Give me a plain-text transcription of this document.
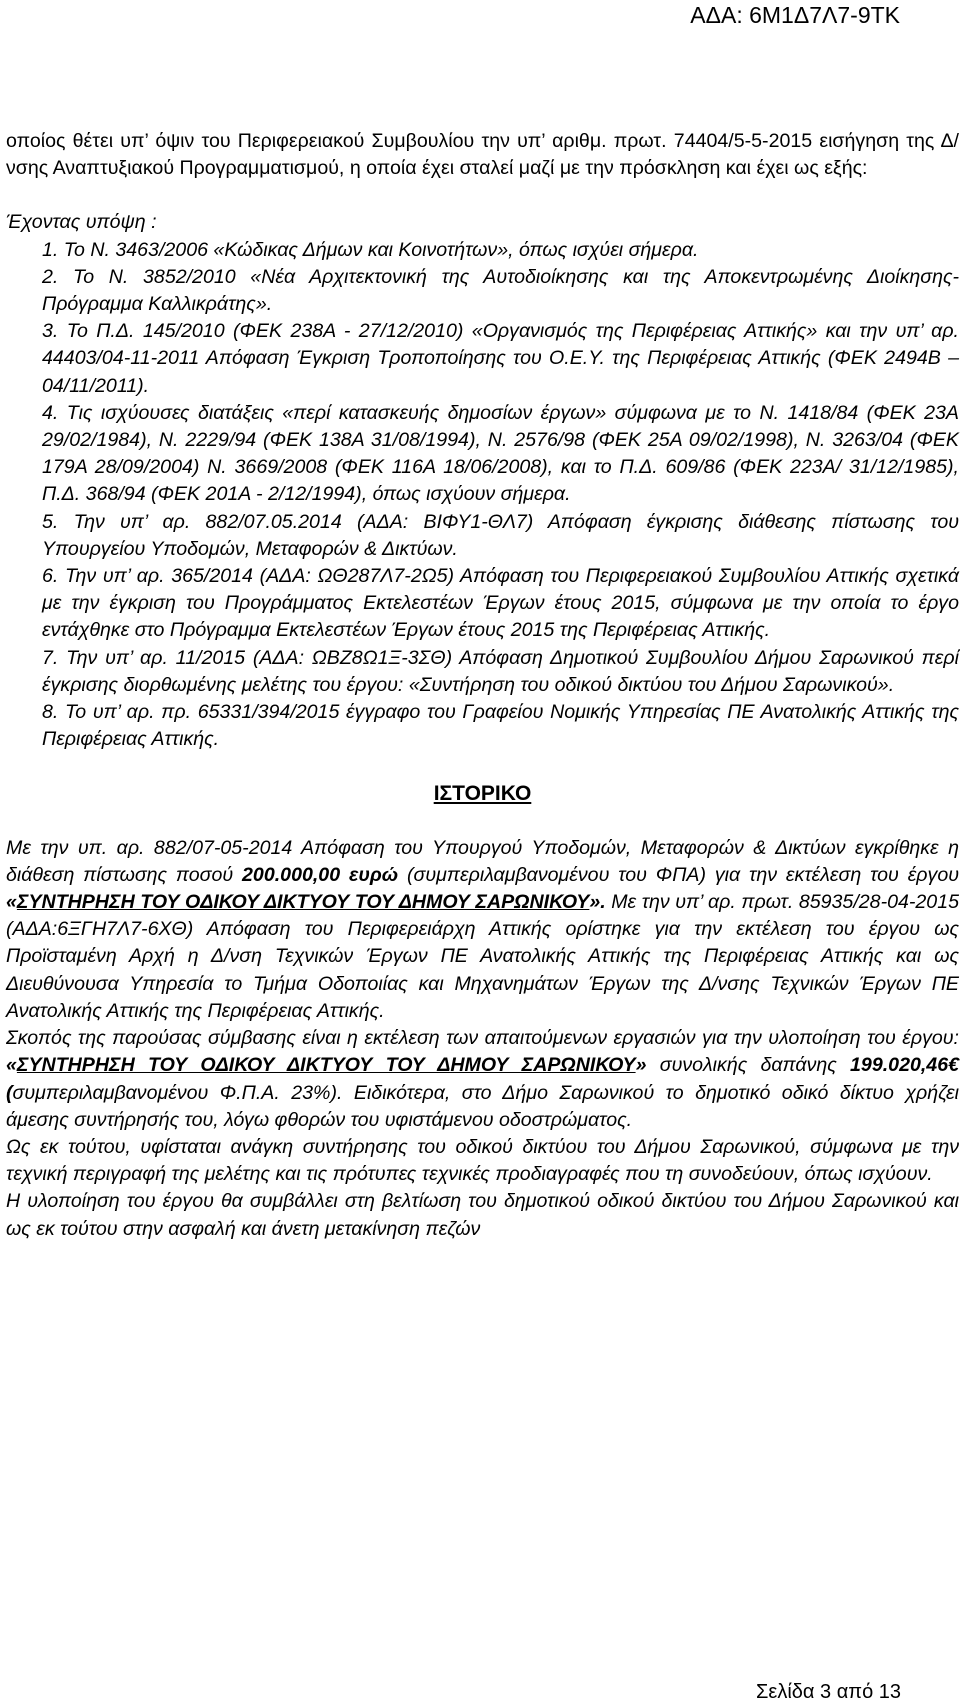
ΑΔΑ: 6Μ1Δ7Λ7-9ΤΚ

οποίος θέτει υπ’ όψιν του Περιφερειακού Συμβουλίου την υπ’ αριθμ. πρωτ. 74404/5-5-2015 εισήγηση της Δ/νσης Αναπτυξιακού Προγραμματισμού, η οποία έχει σταλεί μαζί με την πρόσκληση και έχει ως εξής:

Έχοντας υπόψη :

1. Το Ν. 3463/2006 «Κώδικας Δήμων και Κοινοτήτων», όπως ισχύει σήμερα.

2. Το Ν. 3852/2010 «Νέα Αρχιτεκτονική της Αυτοδιοίκησης και της Αποκεντρωμένης Διοίκησης- Πρόγραμμα Καλλικράτης».

3. Το Π.Δ. 145/2010 (ΦΕΚ 238Α - 27/12/2010) «Οργανισμός της Περιφέρειας Αττικής» και την υπ’ αρ. 44403/04-11-2011 Απόφαση Έγκριση Τροποποίησης του Ο.Ε.Υ. της Περιφέρειας Αττικής (ΦΕΚ 2494Β – 04/11/2011).

4. Τις ισχύουσες διατάξεις «περί κατασκευής δημοσίων έργων» σύμφωνα με το Ν. 1418/84 (ΦΕΚ 23Α 29/02/1984), Ν. 2229/94 (ΦΕΚ 138Α 31/08/1994), Ν. 2576/98 (ΦΕΚ 25Α 09/02/1998), Ν. 3263/04 (ΦΕΚ 179Α 28/09/2004) Ν. 3669/2008 (ΦΕΚ 116Α 18/06/2008), και το Π.Δ. 609/86 (ΦΕΚ 223Α/ 31/12/1985), Π.Δ. 368/94 (ΦΕΚ 201Α - 2/12/1994), όπως ισχύουν σήμερα.

5. Την υπ’ αρ. 882/07.05.2014 (ΑΔΑ: ΒΙΦΥ1-ΘΛ7) Απόφαση έγκρισης διάθεσης πίστωσης του Υπουργείου Υποδομών, Μεταφορών & Δικτύων.

6. Την υπ’ αρ. 365/2014 (ΑΔΑ: ΩΘ287Λ7-2Ω5) Απόφαση του Περιφερειακού Συμβουλίου Αττικής σχετικά με την έγκριση του Προγράμματος Εκτελεστέων Έργων έτους 2015, σύμφωνα με την οποία το έργο εντάχθηκε στο Πρόγραμμα Εκτελεστέων Έργων έτους 2015 της Περιφέρειας Αττικής.

7. Την υπ’ αρ. 11/2015 (ΑΔΑ: ΩΒΖ8Ω1Ξ-3ΣΘ) Απόφαση Δημοτικού Συμβουλίου Δήμου Σαρωνικού περί έγκρισης διορθωμένης μελέτης του έργου: «Συντήρηση του οδικού δικτύου του Δήμου Σαρωνικού».

8. Το υπ’ αρ. πρ. 65331/394/2015 έγγραφο του Γραφείου Νομικής Υπηρεσίας ΠΕ Ανατολικής Αττικής της Περιφέρειας Αττικής.

ΙΣΤΟΡΙΚΟ

Με την υπ. αρ. 882/07-05-2014 Απόφαση του Υπουργού Υποδομών, Μεταφορών & Δικτύων εγκρίθηκε η διάθεση πίστωσης ποσού 200.000,00 ευρώ (συμπεριλαμβανομένου του ΦΠΑ) για την εκτέλεση του έργου «ΣΥΝΤΗΡΗΣΗ ΤΟΥ ΟΔΙΚΟΥ ΔΙΚΤΥΟΥ ΤΟΥ ΔΗΜΟΥ ΣΑΡΩΝΙΚΟΥ». Με την υπ’ αρ. πρωτ. 85935/28-04-2015 (ΑΔΑ:6ΞΓΗ7Λ7-6ΧΘ) Απόφαση του Περιφερειάρχη Αττικής ορίστηκε για την εκτέλεση του έργου ως Προϊσταμένη Αρχή η Δ/νση Τεχνικών Έργων ΠΕ Ανατολικής Αττικής της Περιφέρειας Αττικής και ως Διευθύνουσα Υπηρεσία το Τμήμα Οδοποιίας και Μηχανημάτων Έργων της Δ/νσης Τεχνικών Έργων ΠΕ Ανατολικής Αττικής της Περιφέρειας Αττικής.

Σκοπός της παρούσας σύμβασης είναι η εκτέλεση των απαιτούμενων εργασιών για την υλοποίηση του έργου: «ΣΥΝΤΗΡΗΣΗ ΤΟΥ ΟΔΙΚΟΥ ΔΙΚΤΥΟΥ ΤΟΥ ΔΗΜΟΥ ΣΑΡΩΝΙΚΟΥ» συνολικής δαπάνης 199.020,46€ (συμπεριλαμβανομένου Φ.Π.Α. 23%). Ειδικότερα, στο Δήμο Σαρωνικού το δημοτικό οδικό δίκτυο χρήζει άμεσης συντήρησής του, λόγω φθορών του υφιστάμενου οδοστρώματος.

Ως εκ τούτου, υφίσταται ανάγκη συντήρησης του οδικού δικτύου του Δήμου Σαρωνικού, σύμφωνα με την τεχνική περιγραφή της μελέτης και τις πρότυπες τεχνικές προδιαγραφές που τη συνοδεύουν, όπως ισχύουν.

Η υλοποίηση του έργου θα συμβάλλει στη βελτίωση του δημοτικού οδικού δικτύου του Δήμου Σαρωνικού και ως εκ τούτου στην ασφαλή και άνετη μετακίνηση πεζών

Σελίδα 3 από 13
